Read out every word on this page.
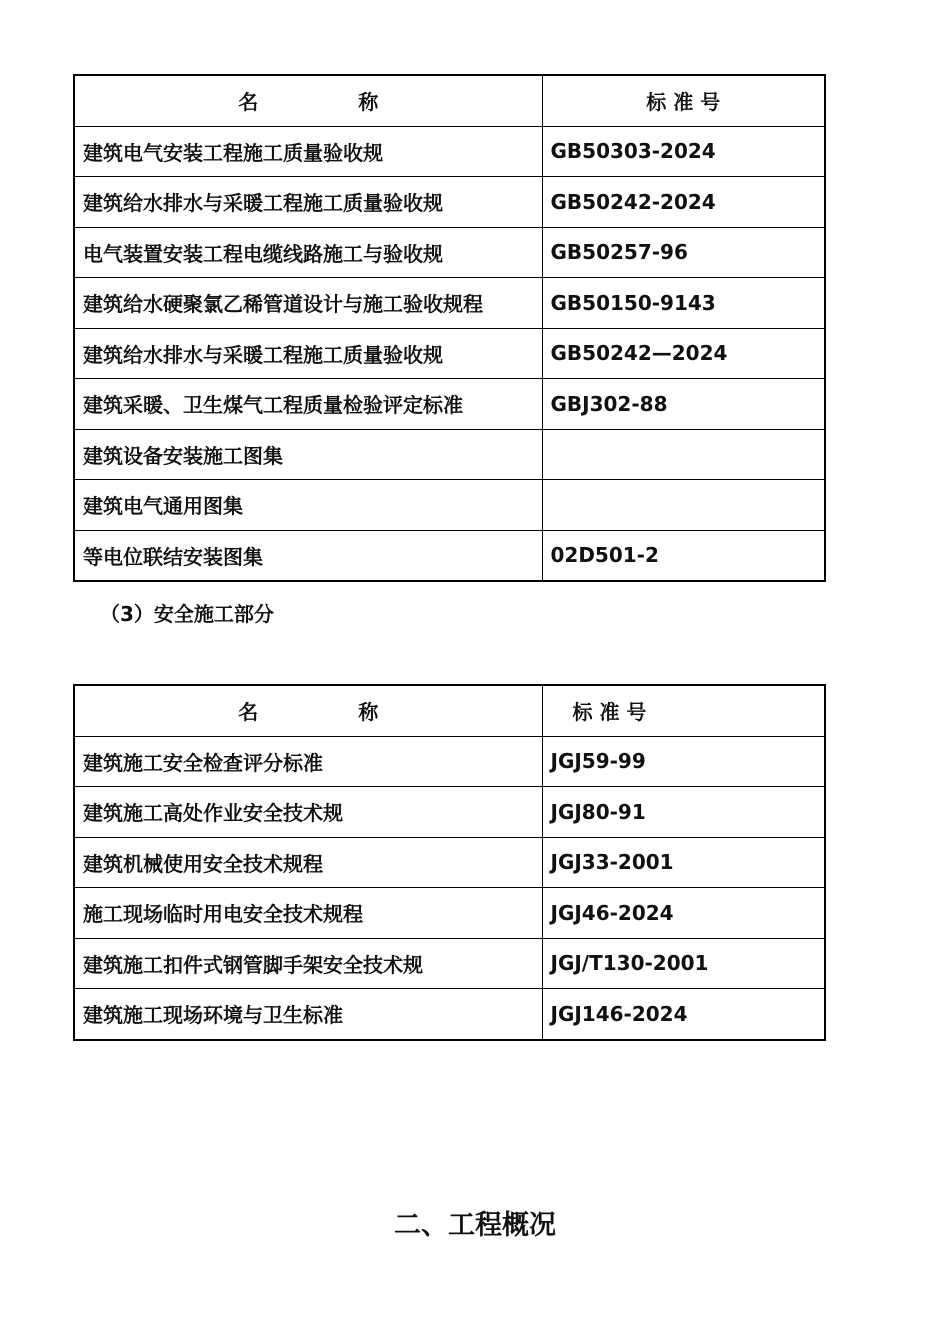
名 称	标 准 号
建筑电气安装工程施工质量验收规	GB50303-2024
建筑给水排水与采暖工程施工质量验收规	GB50242-2024
电气装置安装工程电缆线路施工与验收规	GB50257-96
建筑给水硬聚氯乙稀管道设计与施工验收规程	GB50150-9143
建筑给水排水与采暖工程施工质量验收规	GB50242—2024
建筑采暖、卫生煤气工程质量检验评定标准	GBJ302-88
建筑设备安装施工图集	
建筑电气通用图集	
等电位联结安装图集	02D501-2
（3）安全施工部分
名 称	标 准 号
建筑施工安全检查评分标准	JGJ59-99
建筑施工高处作业安全技术规	JGJ80-91
建筑机械使用安全技术规程	JGJ33-2001
施工现场临时用电安全技术规程	JGJ46-2024
建筑施工扣件式钢管脚手架安全技术规	JGJ/T130-2001
建筑施工现场环境与卫生标准	JGJ146-2024
二、工程概况
